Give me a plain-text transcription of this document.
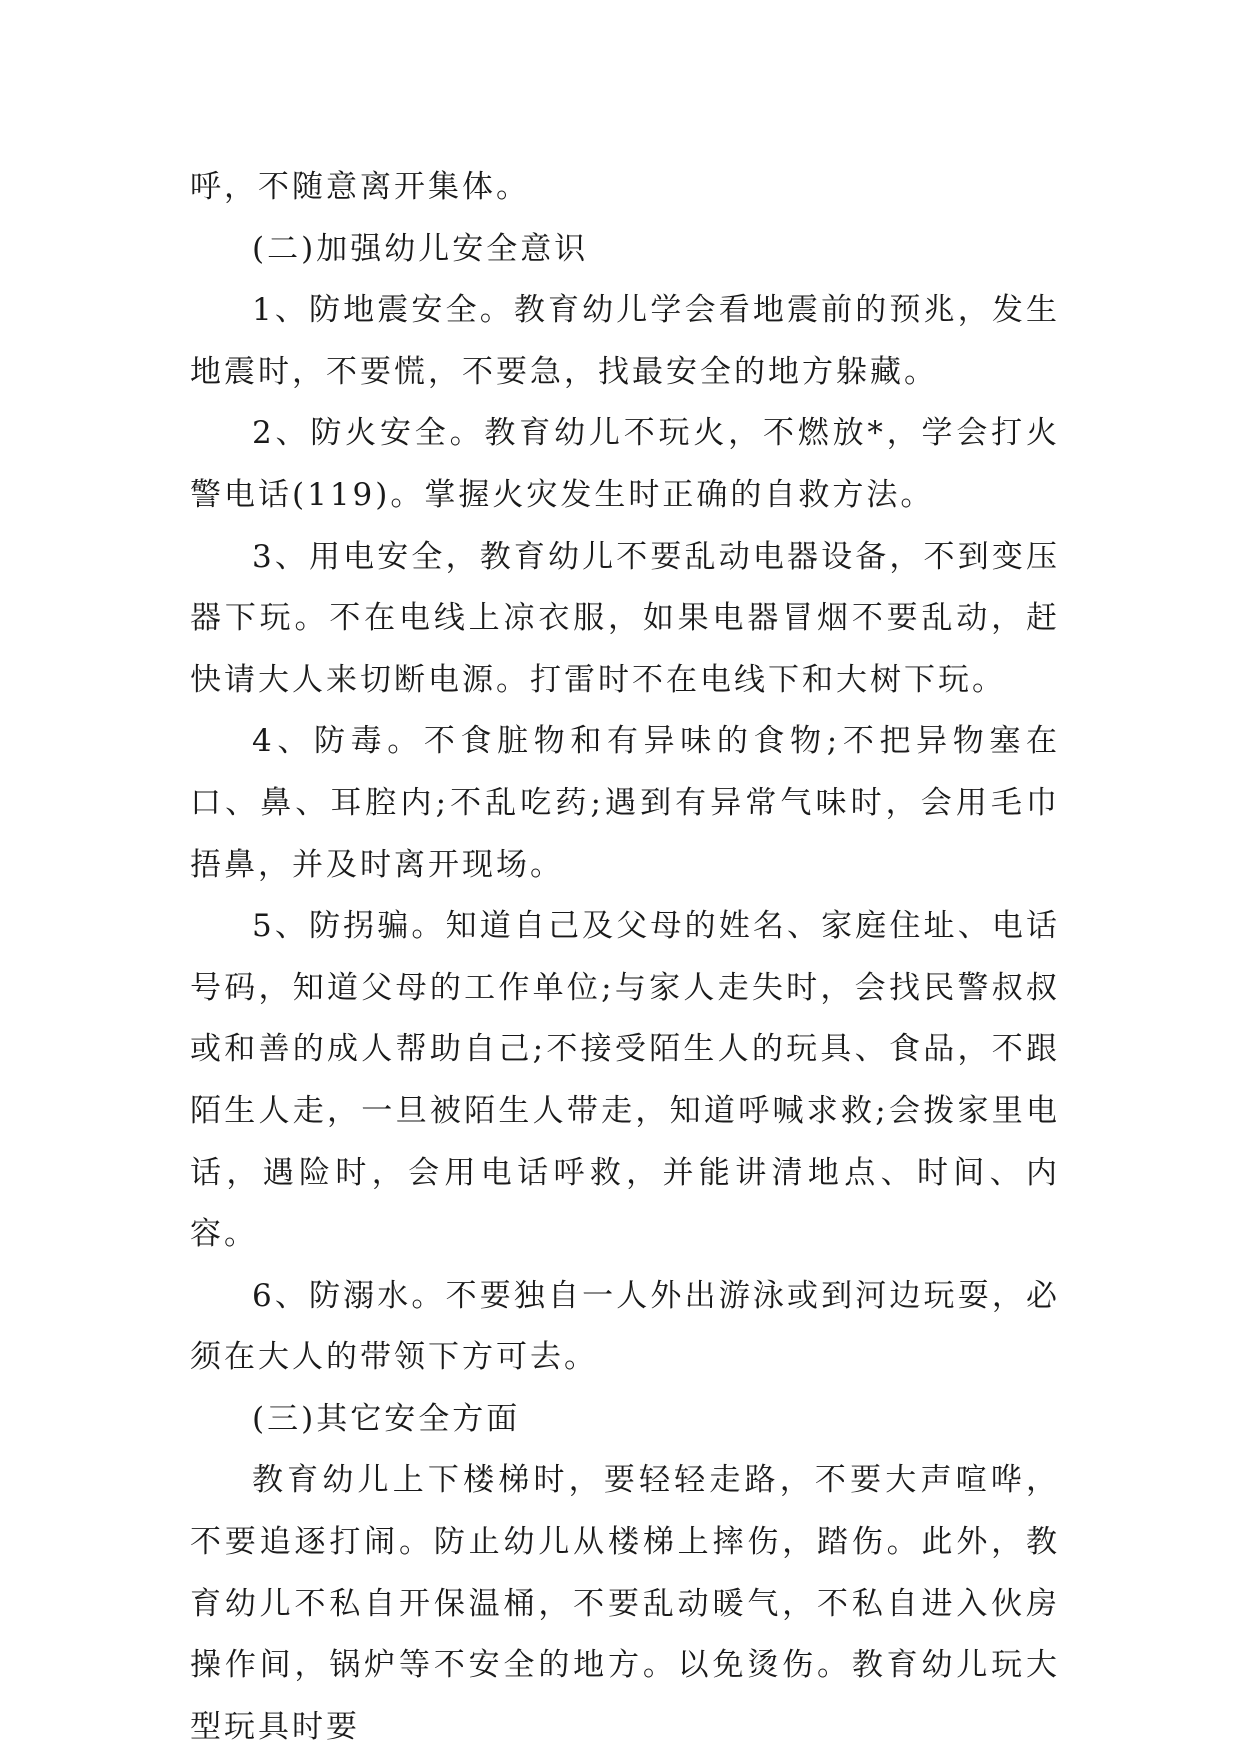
呼，不随意离开集体。

(二)加强幼儿安全意识

1、防地震安全。教育幼儿学会看地震前的预兆，发生地震时，不要慌，不要急，找最安全的地方躲藏。

2、防火安全。教育幼儿不玩火，不燃放*，学会打火警电话(119)。掌握火灾发生时正确的自救方法。

3、用电安全，教育幼儿不要乱动电器设备，不到变压器下玩。不在电线上凉衣服，如果电器冒烟不要乱动，赶快请大人来切断电源。打雷时不在电线下和大树下玩。

4、防毒。不食脏物和有异味的食物;不把异物塞在口、鼻、耳腔内;不乱吃药;遇到有异常气味时，会用毛巾捂鼻，并及时离开现场。

5、防拐骗。知道自己及父母的姓名、家庭住址、电话号码，知道父母的工作单位;与家人走失时，会找民警叔叔或和善的成人帮助自己;不接受陌生人的玩具、食品，不跟陌生人走，一旦被陌生人带走，知道呼喊求救;会拨家里电话，遇险时，会用电话呼救，并能讲清地点、时间、内容。

6、防溺水。不要独自一人外出游泳或到河边玩耍，必须在大人的带领下方可去。

(三)其它安全方面

教育幼儿上下楼梯时，要轻轻走路，不要大声喧哗，不要追逐打闹。防止幼儿从楼梯上摔伤，踏伤。此外，教育幼儿不私自开保温桶，不要乱动暖气，不私自进入伙房操作间，锅炉等不安全的地方。以免烫伤。教育幼儿玩大型玩具时要
